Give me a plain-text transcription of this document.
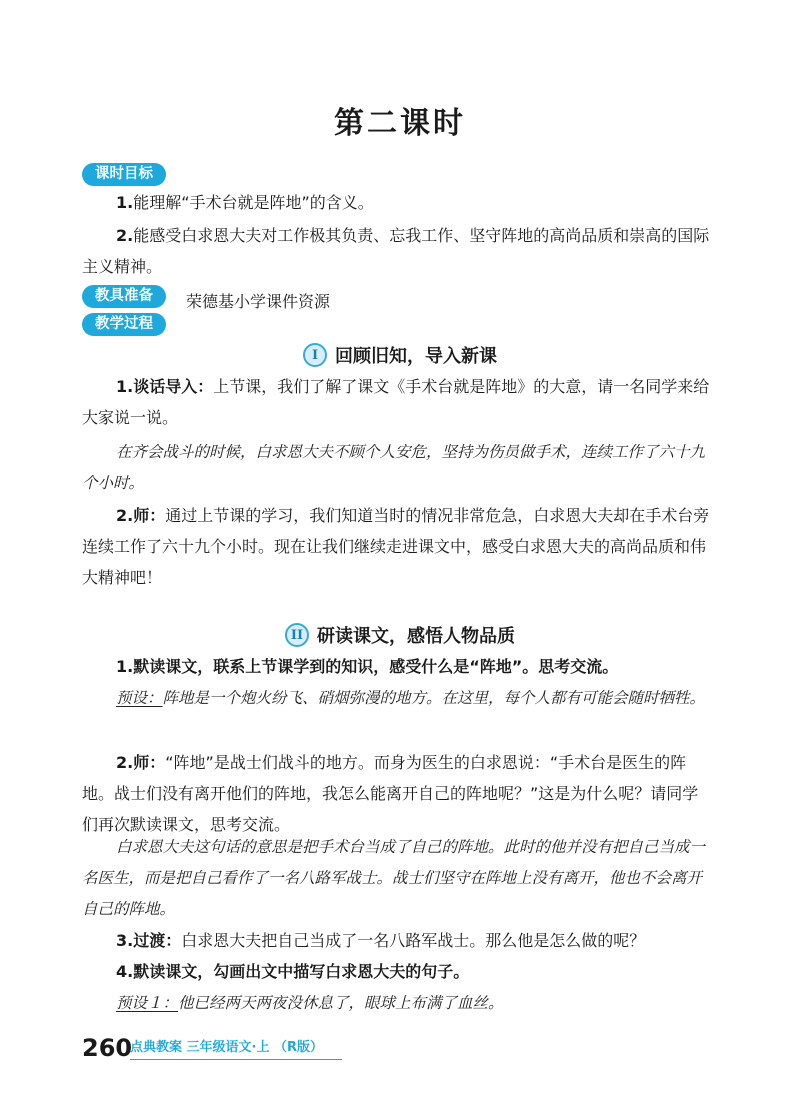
第二课时
课时目标
1.能理解“手术台就是阵地”的含义。
2.能感受白求恩大夫对工作极其负责、忘我工作、坚守阵地的高尚品质和崇高的国际主义精神。
教具准备	荣德基小学课件资源
教学过程
I 回顾旧知，导入新课
1.谈话导入：上节课，我们了解了课文《手术台就是阵地》的大意，请一名同学来给大家说一说。
在齐会战斗的时候，白求恩大夫不顾个人安危，坚持为伤员做手术，连续工作了六十九个小时。
2.师：通过上节课的学习，我们知道当时的情况非常危急，白求恩大夫却在手术台旁连续工作了六十九个小时。现在让我们继续走进课文中，感受白求恩大夫的高尚品质和伟大精神吧！
II 研读课文，感悟人物品质
1.默读课文，联系上节课学到的知识，感受什么是“阵地”。思考交流。
预设：阵地是一个炮火纷飞、硝烟弥漫的地方。在这里，每个人都有可能会随时牺牲。
2.师：“阵地”是战士们战斗的地方。而身为医生的白求恩说：“手术台是医生的阵地。战士们没有离开他们的阵地，我怎么能离开自己的阵地呢？”这是为什么呢？请同学们再次默读课文，思考交流。
白求恩大夫这句话的意思是把手术台当成了自己的阵地。此时的他并没有把自己当成一名医生，而是把自己看作了一名八路军战士。战士们坚守在阵地上没有离开，他也不会离开自己的阵地。
3.过渡：白求恩大夫把自己当成了一名八路军战士。那么他是怎么做的呢？
4.默读课文，勾画出文中描写白求恩大夫的句子。
预设１：他已经两天两夜没休息了，眼球上布满了血丝。
260
点典教案 三年级语文·上 （R版）
